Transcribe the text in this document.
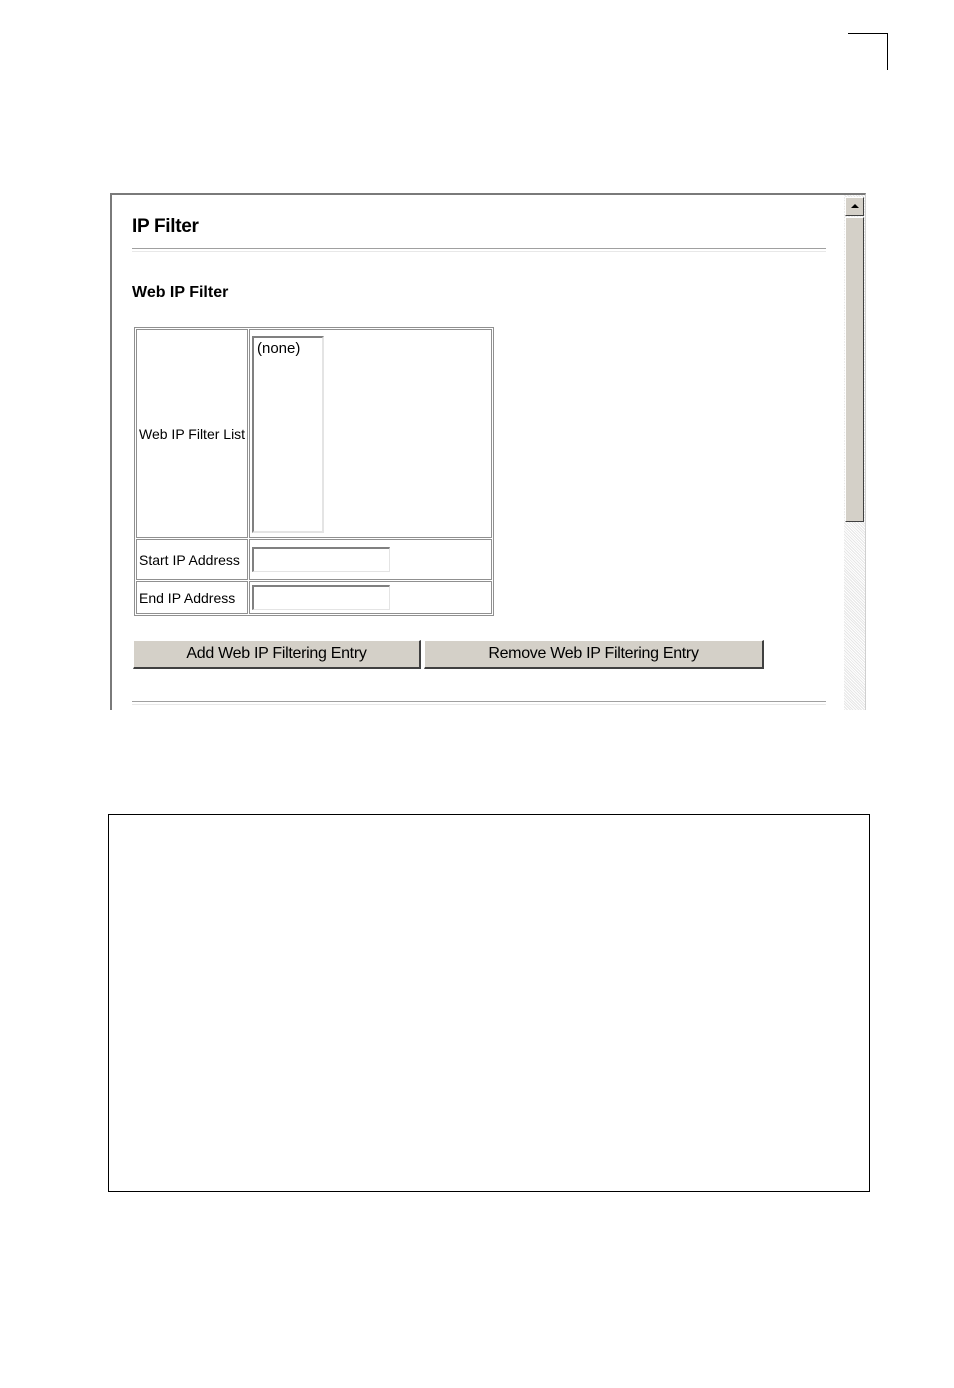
IP Filter
Web IP Filter
Web IP Filter List	(none)

Start IP Address	
End IP Address	
Add Web IP Filtering Entry	Remove Web IP Filtering Entry
